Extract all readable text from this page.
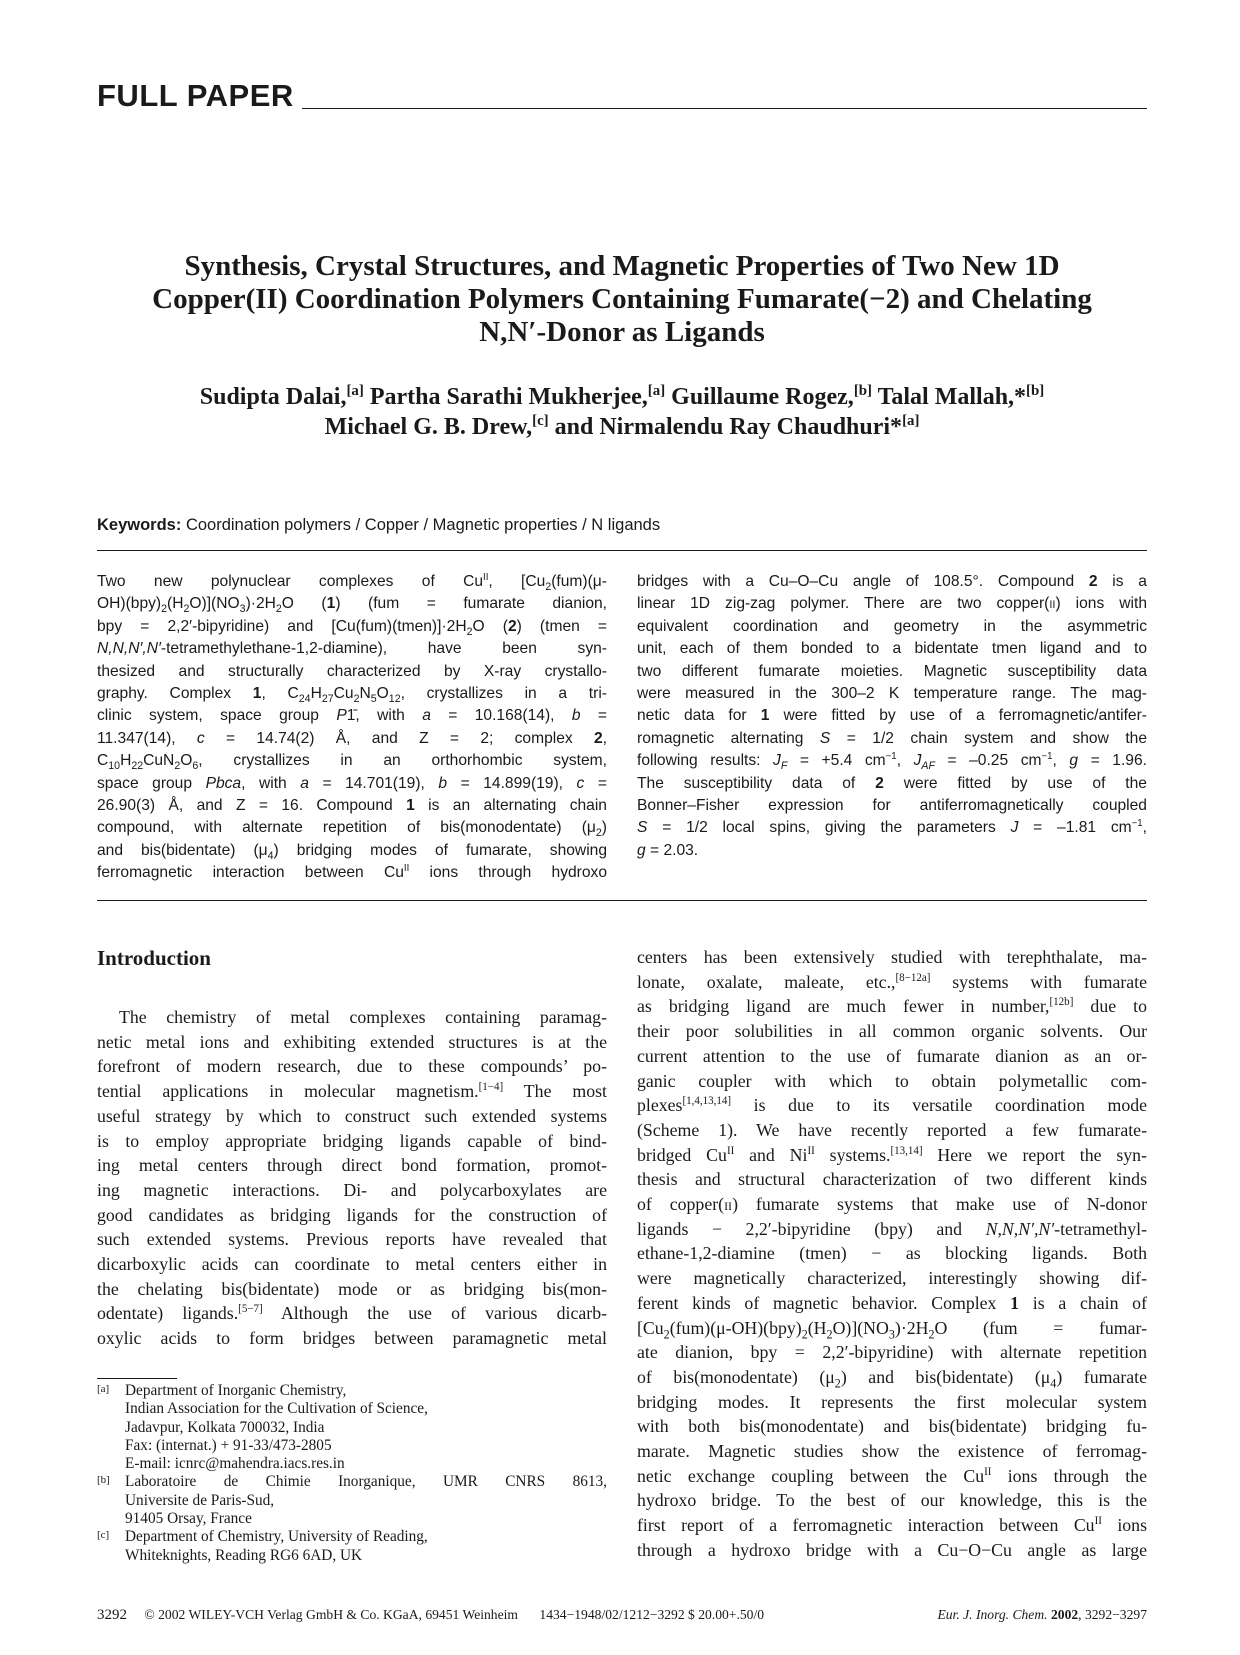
FULL PAPER
Synthesis, Crystal Structures, and Magnetic Properties of Two New 1D
Copper(II) Coordination Polymers Containing Fumarate(−2) and Chelating
N,N′-Donor as Ligands
Sudipta Dalai,[a] Partha Sarathi Mukherjee,[a] Guillaume Rogez,[b] Talal Mallah,*[b]
Michael G. B. Drew,[c] and Nirmalendu Ray Chaudhuri*[a]
Keywords: Coordination polymers / Copper / Magnetic properties / N ligands
Two new polynuclear complexes of $Cu^{II}$, [$Cu_2(fum)(\mu-$
$OH)(bpy)_2(H_2O)](NO_3)\cdot 2H_2O$ (1) (fum = fumarate dianion,
bpy = 2,2′-bipyridine) and $[Cu(fum)(tmen)]\cdot 2H_2O$ (2) (tmen =
N,N,N′,N′-tetramethylethane-1,2-diamine), have been syn-
thesized and structurally characterized by X-ray crystallo-
graphy. Complex 1, $C_{24}H_{27}Cu_2N_5O_{12}$, crystallizes in a tri-
clinic system, space group P1̄, with a = 10.168(14), b =
11.347(14), c = 14.74(2) Å, and Z = 2; complex 2,
$C_{10}H_{22}CuN_2O_6$, crystallizes in an orthorhombic system,
space group Pbca, with a = 14.701(19), b = 14.899(19), c =
26.90(3) Å, and Z = 16. Compound 1 is an alternating chain
compound, with alternate repetition of bis(monodentate) $(\mu_2)$
and bis(bidentate) $(\mu_4)$ bridging modes of fumarate, showing
ferromagnetic interaction between $Cu^{II}$ ions through hydroxo
bridges with a Cu–O–Cu angle of 108.5°. Compound 2 is a
linear 1D zig-zag polymer. There are two copper(ii) ions with
equivalent coordination and geometry in the asymmetric
unit, each of them bonded to a bidentate tmen ligand and to
two different fumarate moieties. Magnetic susceptibility data
were measured in the 300–2 K temperature range. The mag-
netic data for 1 were fitted by use of a ferromagnetic/antifer-
romagnetic alternating S = 1/2 chain system and show the
following results: $J_F = +5.4$ $cm^{-1}$, $J_{AF} = -0.25$ $cm^{-1}$, g = 1.96.
The susceptibility data of 2 were fitted by use of the
Bonner–Fisher expression for antiferromagnetically coupled
S = 1/2 local spins, giving the parameters J = –1.81 $cm^{-1}$,
g = 2.03.
Introduction
The chemistry of metal complexes containing paramag-
netic metal ions and exhibiting extended structures is at the
forefront of modern research, due to these compounds’ po-
tential applications in molecular magnetism.[1−4] The most
useful strategy by which to construct such extended systems
is to employ appropriate bridging ligands capable of bind-
ing metal centers through direct bond formation, promot-
ing magnetic interactions. Di- and polycarboxylates are
good candidates as bridging ligands for the construction of
such extended systems. Previous reports have revealed that
dicarboxylic acids can coordinate to metal centers either in
the chelating bis(bidentate) mode or as bridging bis(mon-
odentate) ligands.[5−7] Although the use of various dicarb-
oxylic acids to form bridges between paramagnetic metal
centers has been extensively studied with terephthalate, ma-
lonate, oxalate, maleate, etc.,[8−12a] systems with fumarate
as bridging ligand are much fewer in number,[12b] due to
their poor solubilities in all common organic solvents. Our
current attention to the use of fumarate dianion as an or-
ganic coupler with which to obtain polymetallic com-
plexes[1,4,13,14] is due to its versatile coordination mode
(Scheme 1). We have recently reported a few fumarate-
bridged $Cu^{II}$ and $Ni^{II}$ systems.[13,14] Here we report the syn-
thesis and structural characterization of two different kinds
of copper(ii) fumarate systems that make use of N-donor
ligands − 2,2′-bipyridine (bpy) and N,N,N′,N′-tetramethyl-
ethane-1,2-diamine (tmen) − as blocking ligands. Both
were magnetically characterized, interestingly showing dif-
ferent kinds of magnetic behavior. Complex 1 is a chain of
$[Cu_2(fum)(\mu-OH)(bpy)_2(H_2O)](NO_3)\cdot 2H_2O$ (fum = fumar-
ate dianion, bpy = 2,2′-bipyridine) with alternate repetition
of bis(monodentate) $(\mu_2)$ and bis(bidentate) $(\mu_4)$ fumarate
bridging modes. It represents the first molecular system
with both bis(monodentate) and bis(bidentate) bridging fu-
marate. Magnetic studies show the existence of ferromag-
netic exchange coupling between the $Cu^{II}$ ions through the
hydroxo bridge. To the best of our knowledge, this is the
first report of a ferromagnetic interaction between $Cu^{II}$ ions
through a hydroxo bridge with a Cu−O−Cu angle as large
[a] Department of Inorganic Chemistry,
Indian Association for the Cultivation of Science,
Jadavpur, Kolkata 700032, India
Fax: (internat.) + 91-33/473-2805
E-mail: icnrc@mahendra.iacs.res.in
[b] Laboratoire de Chimie Inorganique, UMR CNRS 8613,
Universite de Paris-Sud,
91405 Orsay, France
[c] Department of Chemistry, University of Reading,
Whiteknights, Reading RG6 6AD, UK
3292 © 2002 WILEY-VCH Verlag GmbH & Co. KGaA, 69451 Weinheim 1434−1948/02/1212−3292 $ 20.00+.50/0	Eur. J. Inorg. Chem. 2002, 3292−3297
